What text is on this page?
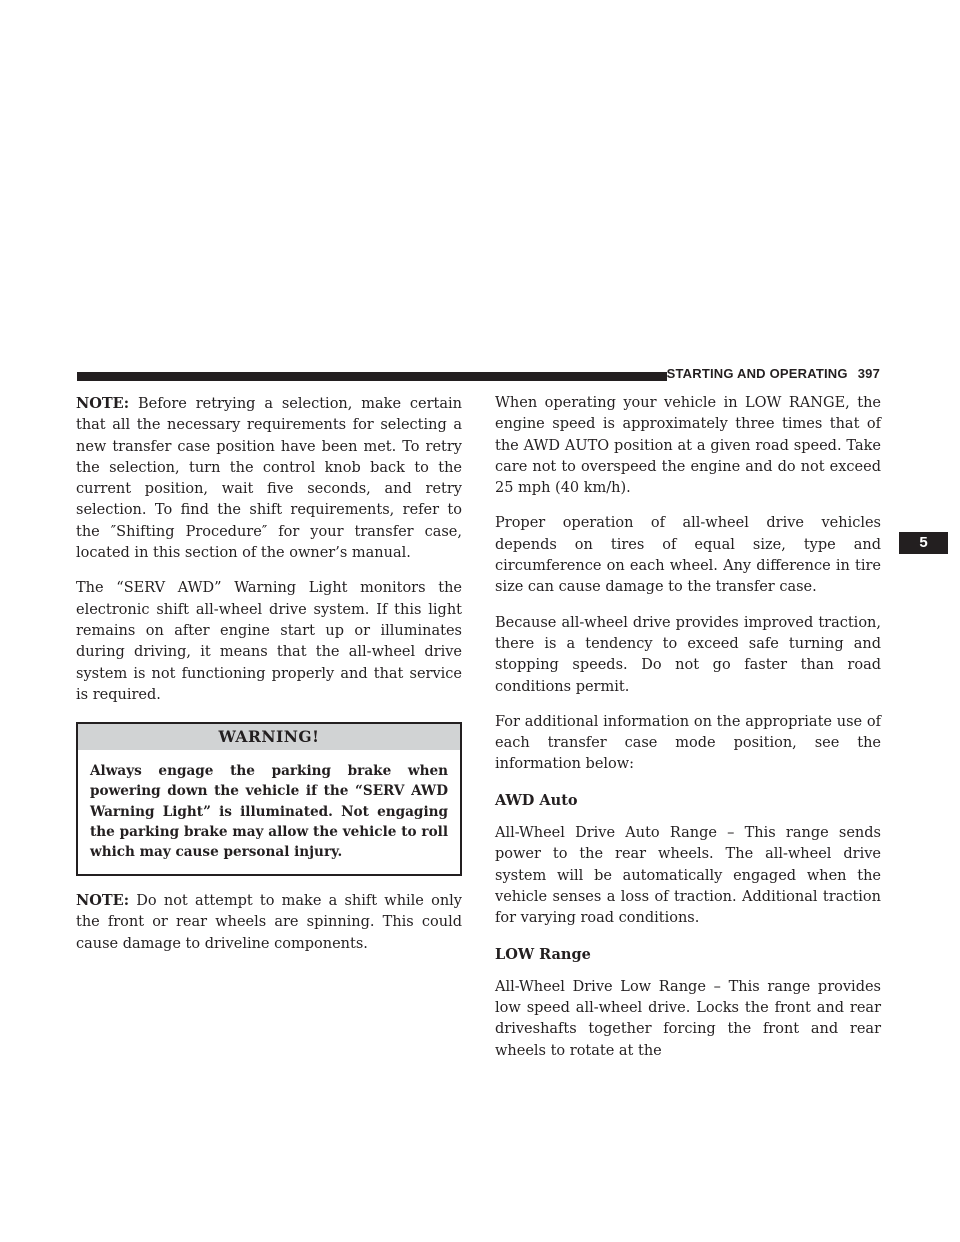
STARTING AND OPERATING 397
5

NOTE: Before retrying a selection, make certain that all the necessary requirements for selecting a new transfer case position have been met. To retry the selection, turn the control knob back to the current position, wait five seconds, and retry selection. To find the shift requirements, refer to the ″Shifting Procedure″ for your transfer case, located in this section of the owner’s manual.

The “SERV AWD” Warning Light monitors the electronic shift all-wheel drive system. If this light remains on after engine start up or illuminates during driving, it means that the all-wheel drive system is not functioning properly and that service is required.

WARNING!

Always engage the parking brake when powering down the vehicle if the “SERV AWD Warning Light” is illuminated. Not engaging the parking brake may allow the vehicle to roll which may cause personal injury.

NOTE: Do not attempt to make a shift while only the front or rear wheels are spinning. This could cause damage to driveline components.

When operating your vehicle in LOW RANGE, the engine speed is approximately three times that of the AWD AUTO position at a given road speed. Take care not to overspeed the engine and do not exceed 25 mph (40 km/h).

Proper operation of all-wheel drive vehicles depends on tires of equal size, type and circumference on each wheel. Any difference in tire size can cause damage to the transfer case.

Because all-wheel drive provides improved traction, there is a tendency to exceed safe turning and stopping speeds. Do not go faster than road conditions permit.

For additional information on the appropriate use of each transfer case mode position, see the information below:

AWD Auto

All-Wheel Drive Auto Range – This range sends power to the rear wheels. The all-wheel drive system will be automatically engaged when the vehicle senses a loss of traction. Additional traction for varying road conditions.

LOW Range

All-Wheel Drive Low Range – This range provides low speed all-wheel drive. Locks the front and rear driveshafts together forcing the front and rear wheels to rotate at the
